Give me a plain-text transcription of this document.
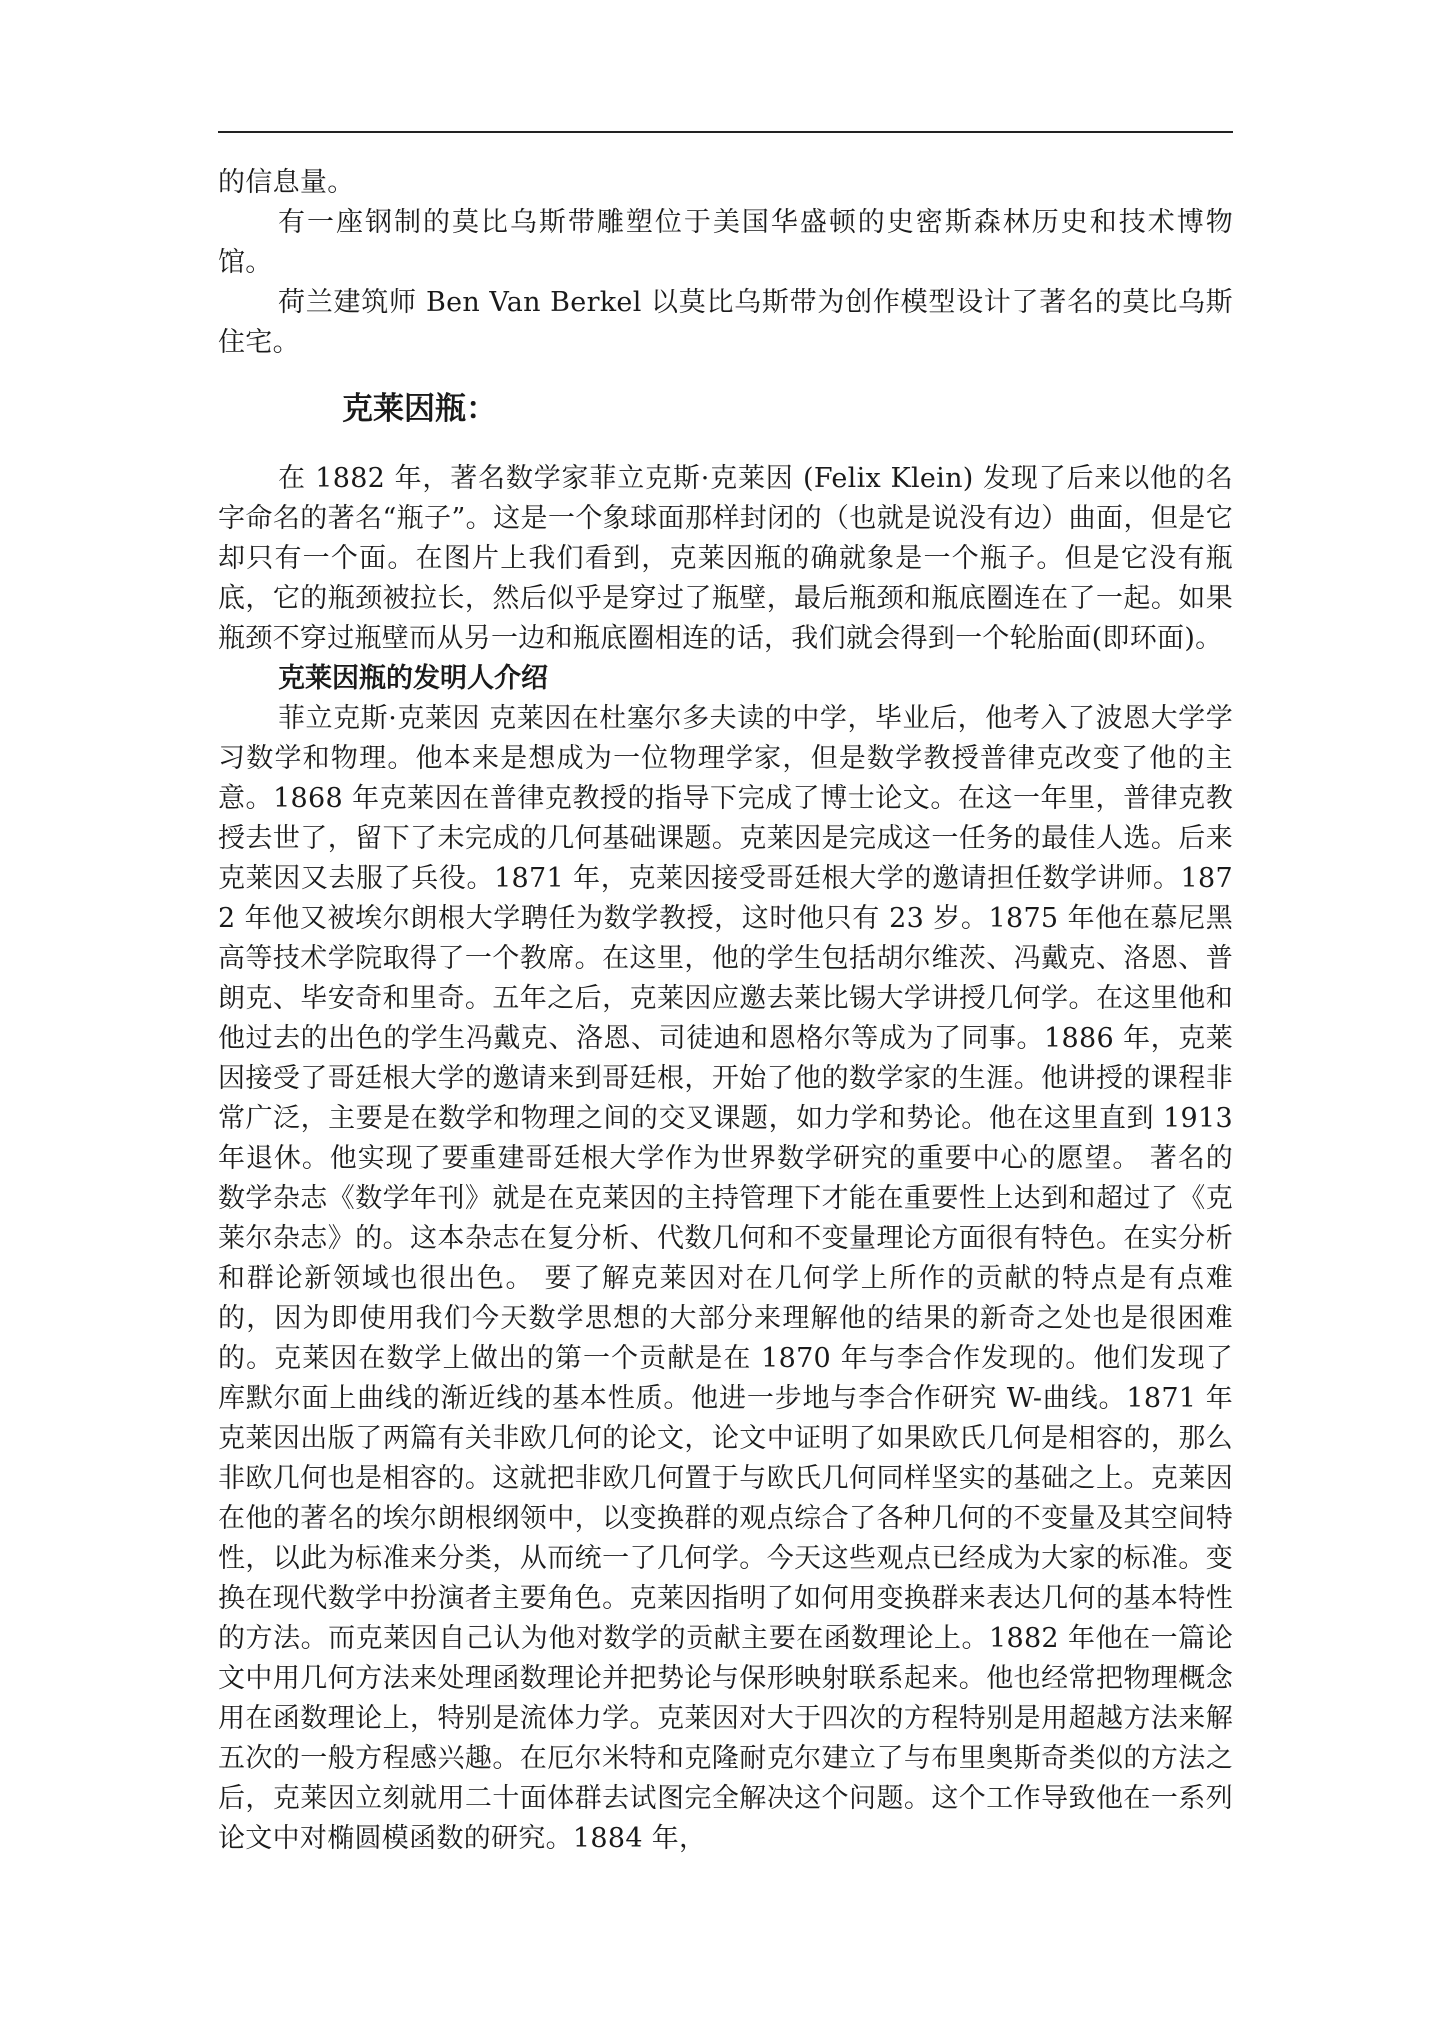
的信息量。

有一座钢制的莫比乌斯带雕塑位于美国华盛顿的史密斯森林历史和技术博物馆。

荷兰建筑师 Ben Van Berkel 以莫比乌斯带为创作模型设计了著名的莫比乌斯住宅。

克莱因瓶：

在 1882 年，著名数学家菲立克斯·克莱因 (Felix Klein) 发现了后来以他的名字命名的著名“瓶子”。这是一个象球面那样封闭的（也就是说没有边）曲面，但是它却只有一个面。在图片上我们看到，克莱因瓶的确就象是一个瓶子。但是它没有瓶底，它的瓶颈被拉长，然后似乎是穿过了瓶壁，最后瓶颈和瓶底圈连在了一起。如果瓶颈不穿过瓶壁而从另一边和瓶底圈相连的话，我们就会得到一个轮胎面(即环面)。

克莱因瓶的发明人介绍

菲立克斯·克莱因 克莱因在杜塞尔多夫读的中学，毕业后，他考入了波恩大学学习数学和物理。他本来是想成为一位物理学家，但是数学教授普律克改变了他的主意。1868 年克莱因在普律克教授的指导下完成了博士论文。在这一年里，普律克教授去世了，留下了未完成的几何基础课题。克莱因是完成这一任务的最佳人选。后来克莱因又去服了兵役。1871 年，克莱因接受哥廷根大学的邀请担任数学讲师。1872 年他又被埃尔朗根大学聘任为数学教授，这时他只有 23 岁。1875 年他在慕尼黑高等技术学院取得了一个教席。在这里，他的学生包括胡尔维茨、冯戴克、洛恩、普朗克、毕安奇和里奇。五年之后，克莱因应邀去莱比锡大学讲授几何学。在这里他和他过去的出色的学生冯戴克、洛恩、司徒迪和恩格尔等成为了同事。1886 年，克莱因接受了哥廷根大学的邀请来到哥廷根，开始了他的数学家的生涯。他讲授的课程非常广泛，主要是在数学和物理之间的交叉课题，如力学和势论。他在这里直到 1913 年退休。他实现了要重建哥廷根大学作为世界数学研究的重要中心的愿望。 著名的数学杂志《数学年刊》就是在克莱因的主持管理下才能在重要性上达到和超过了《克莱尔杂志》的。这本杂志在复分析、代数几何和不变量理论方面很有特色。在实分析和群论新领域也很出色。 要了解克莱因对在几何学上所作的贡献的特点是有点难的，因为即使用我们今天数学思想的大部分来理解他的结果的新奇之处也是很困难的。克莱因在数学上做出的第一个贡献是在 1870 年与李合作发现的。他们发现了库默尔面上曲线的渐近线的基本性质。他进一步地与李合作研究 W-曲线。1871 年克莱因出版了两篇有关非欧几何的论文，论文中证明了如果欧氏几何是相容的，那么非欧几何也是相容的。这就把非欧几何置于与欧氏几何同样坚实的基础之上。克莱因在他的著名的埃尔朗根纲领中，以变换群的观点综合了各种几何的不变量及其空间特性，以此为标准来分类，从而统一了几何学。今天这些观点已经成为大家的标准。变换在现代数学中扮演者主要角色。克莱因指明了如何用变换群来表达几何的基本特性的方法。而克莱因自己认为他对数学的贡献主要在函数理论上。1882 年他在一篇论文中用几何方法来处理函数理论并把势论与保形映射联系起来。他也经常把物理概念用在函数理论上，特别是流体力学。克莱因对大于四次的方程特别是用超越方法来解五次的一般方程感兴趣。在厄尔米特和克隆耐克尔建立了与布里奥斯奇类似的方法之后，克莱因立刻就用二十面体群去试图完全解决这个问题。这个工作导致他在一系列论文中对椭圆模函数的研究。1884 年，
